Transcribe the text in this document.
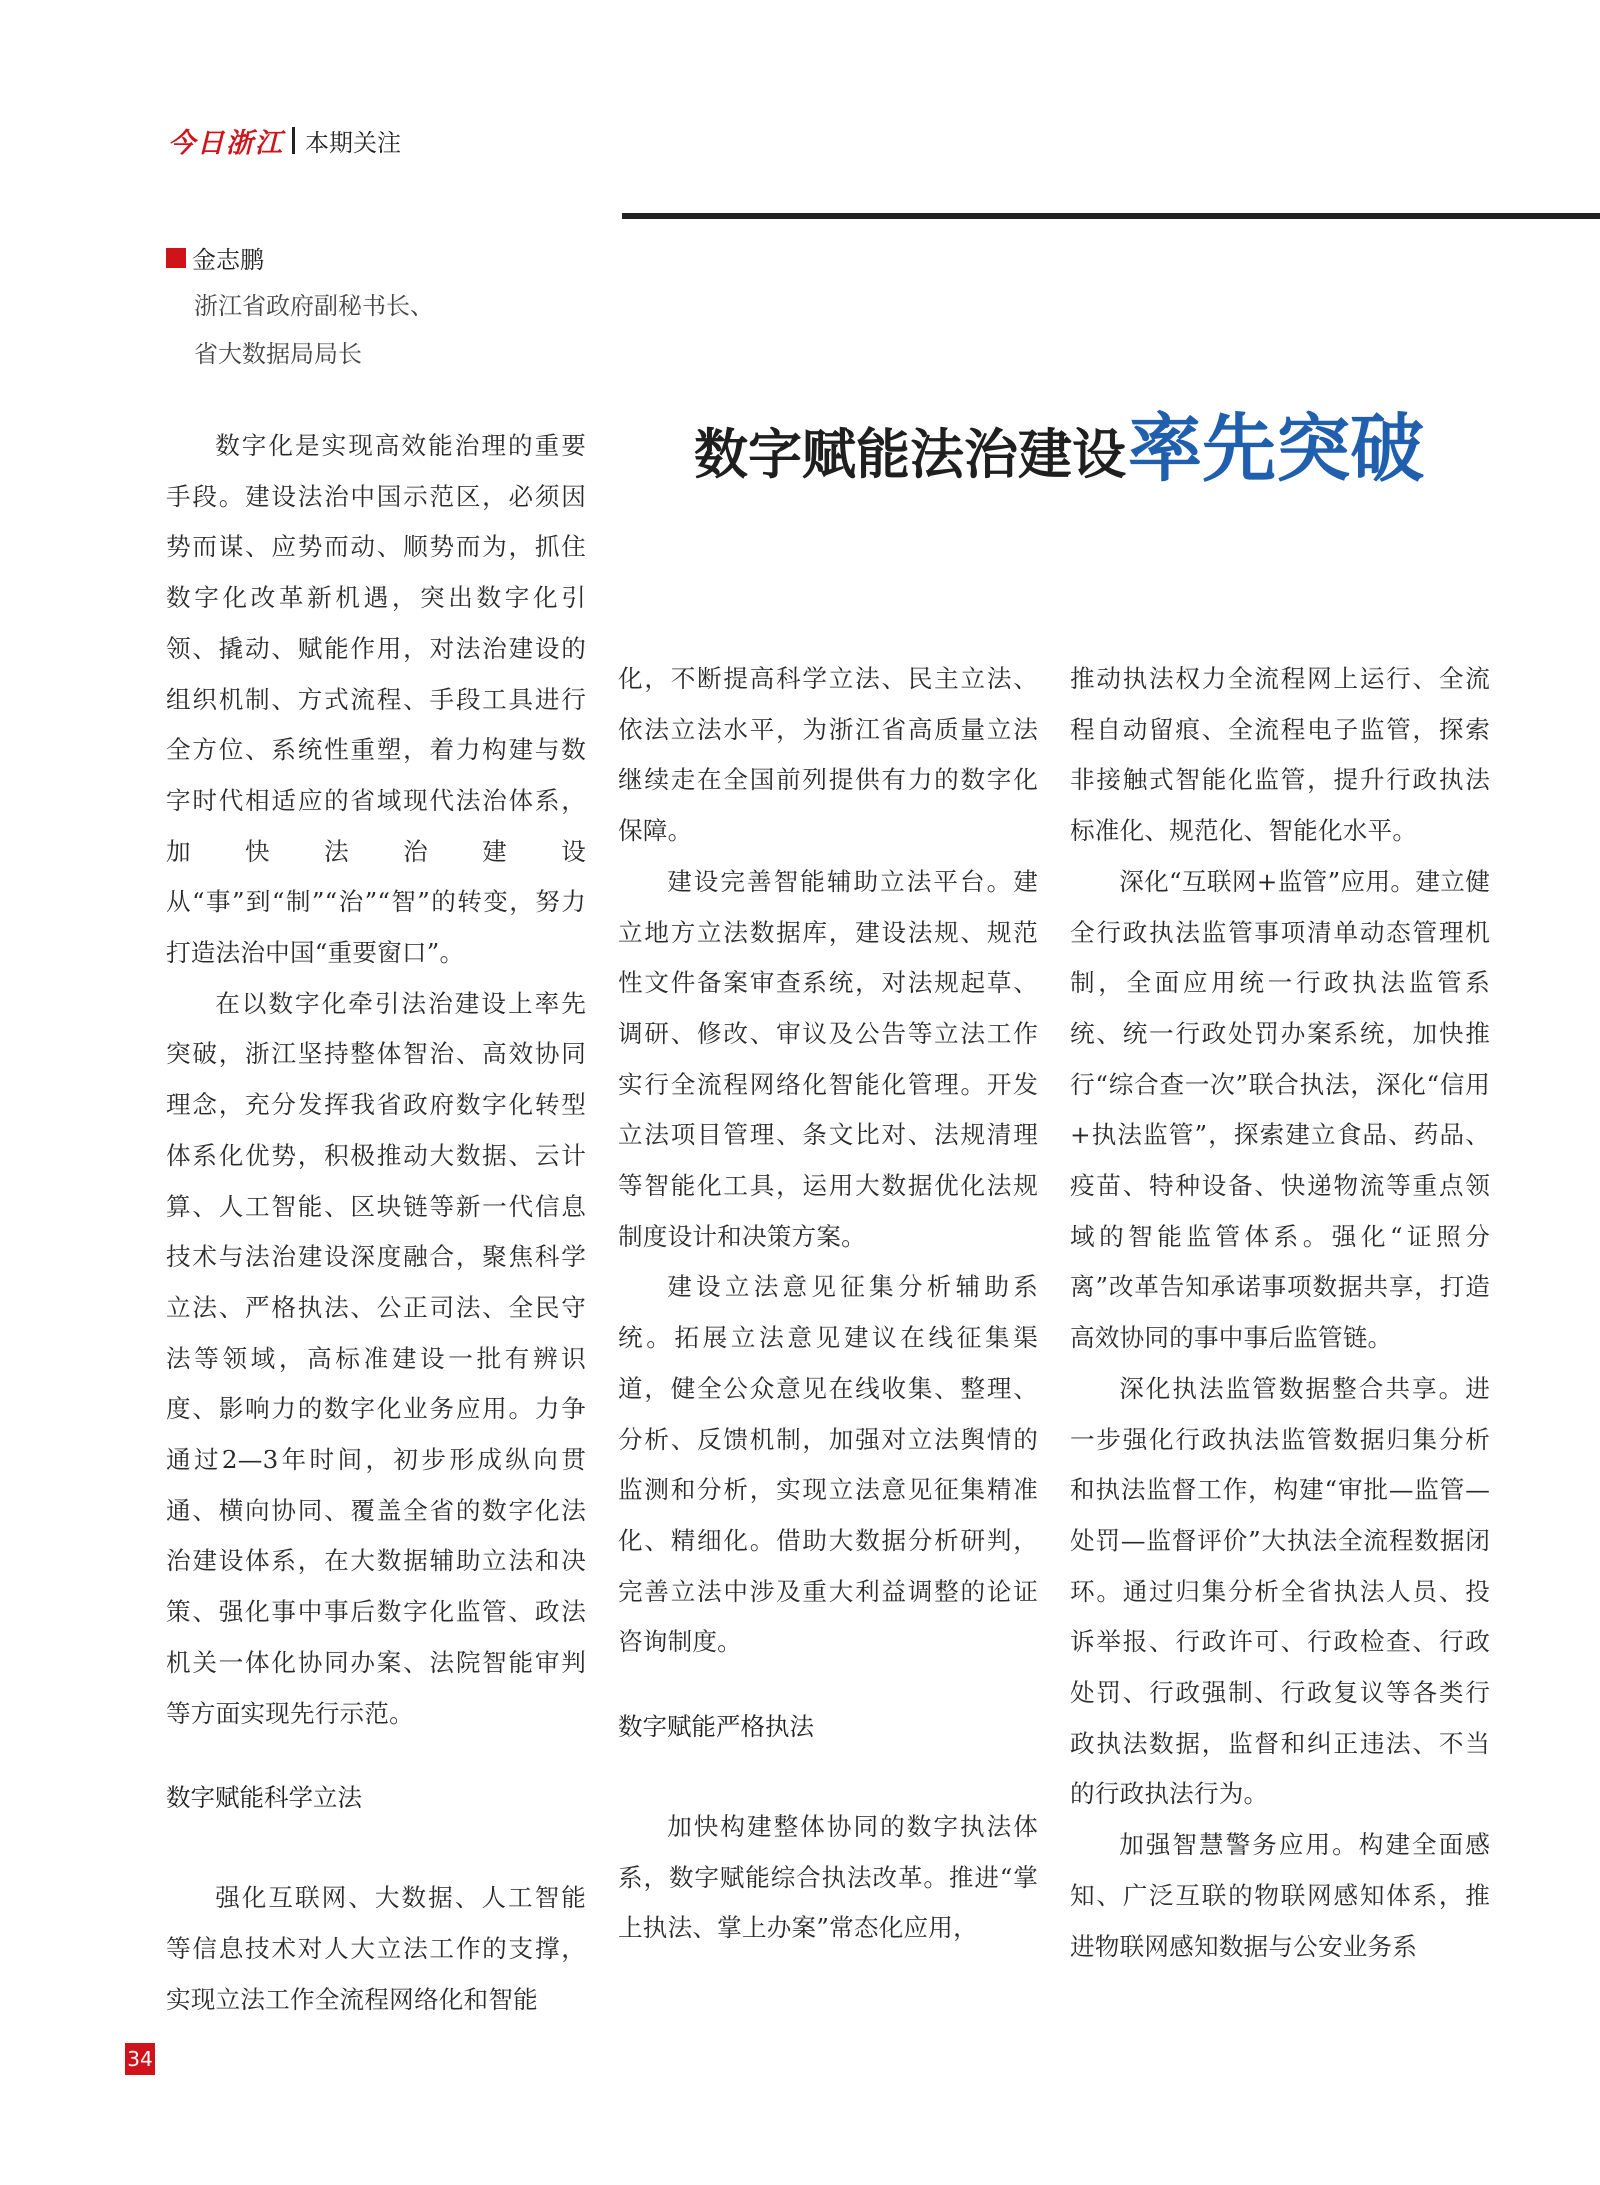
今日浙江 本期关注
金志鹏
浙江省政府副秘书长、
省大数据局局长
数字赋能法治建设 率先突破

数字化是实现高效能治理的重要手段。建设法治中国示范区，必须因势而谋、应势而动、顺势而为，抓住数字化改革新机遇，突出数字化引领、撬动、赋能作用，对法治建设的组织机制、方式流程、手段工具进行全方位、系统性重塑，着力构建与数字时代相适应的省域现代法治体系，加快法治建设从“事”到“制”“治”“智”的转变，努力打造法治中国“重要窗口”。

在以数字化牵引法治建设上率先突破，浙江坚持整体智治、高效协同理念，充分发挥我省政府数字化转型体系化优势，积极推动大数据、云计算、人工智能、区块链等新一代信息技术与法治建设深度融合，聚焦科学立法、严格执法、公正司法、全民守法等领域，高标准建设一批有辨识度、影响力的数字化业务应用。力争通过2—3年时间，初步形成纵向贯通、横向协同、覆盖全省的数字化法治建设体系，在大数据辅助立法和决策、强化事中事后数字化监管、政法机关一体化协同办案、法院智能审判等方面实现先行示范。

数字赋能科学立法

强化互联网、大数据、人工智能等信息技术对人大立法工作的支撑，实现立法工作全流程网络化和智能

化，不断提高科学立法、民主立法、依法立法水平，为浙江省高质量立法继续走在全国前列提供有力的数字化保障。

建设完善智能辅助立法平台。建立地方立法数据库，建设法规、规范性文件备案审查系统，对法规起草、调研、修改、审议及公告等立法工作实行全流程网络化智能化管理。开发立法项目管理、条文比对、法规清理等智能化工具，运用大数据优化法规制度设计和决策方案。

建设立法意见征集分析辅助系统。拓展立法意见建议在线征集渠道，健全公众意见在线收集、整理、分析、反馈机制，加强对立法舆情的监测和分析，实现立法意见征集精准化、精细化。借助大数据分析研判，完善立法中涉及重大利益调整的论证咨询制度。

数字赋能严格执法

加快构建整体协同的数字执法体系，数字赋能综合执法改革。推进“掌上执法、掌上办案”常态化应用，

推动执法权力全流程网上运行、全流程自动留痕、全流程电子监管，探索非接触式智能化监管，提升行政执法标准化、规范化、智能化水平。

深化“互联网+监管”应用。建立健全行政执法监管事项清单动态管理机制，全面应用统一行政执法监管系统、统一行政处罚办案系统，加快推行“综合查一次”联合执法，深化“信用+执法监管”，探索建立食品、药品、疫苗、特种设备、快递物流等重点领域的智能监管体系。强化“证照分离”改革告知承诺事项数据共享，打造高效协同的事中事后监管链。

深化执法监管数据整合共享。进一步强化行政执法监管数据归集分析和执法监督工作，构建“审批—监管—处罚—监督评价”大执法全流程数据闭环。通过归集分析全省执法人员、投诉举报、行政许可、行政检查、行政处罚、行政强制、行政复议等各类行政执法数据，监督和纠正违法、不当的行政执法行为。

加强智慧警务应用。构建全面感知、广泛互联的物联网感知体系，推进物联网感知数据与公安业务系

34
